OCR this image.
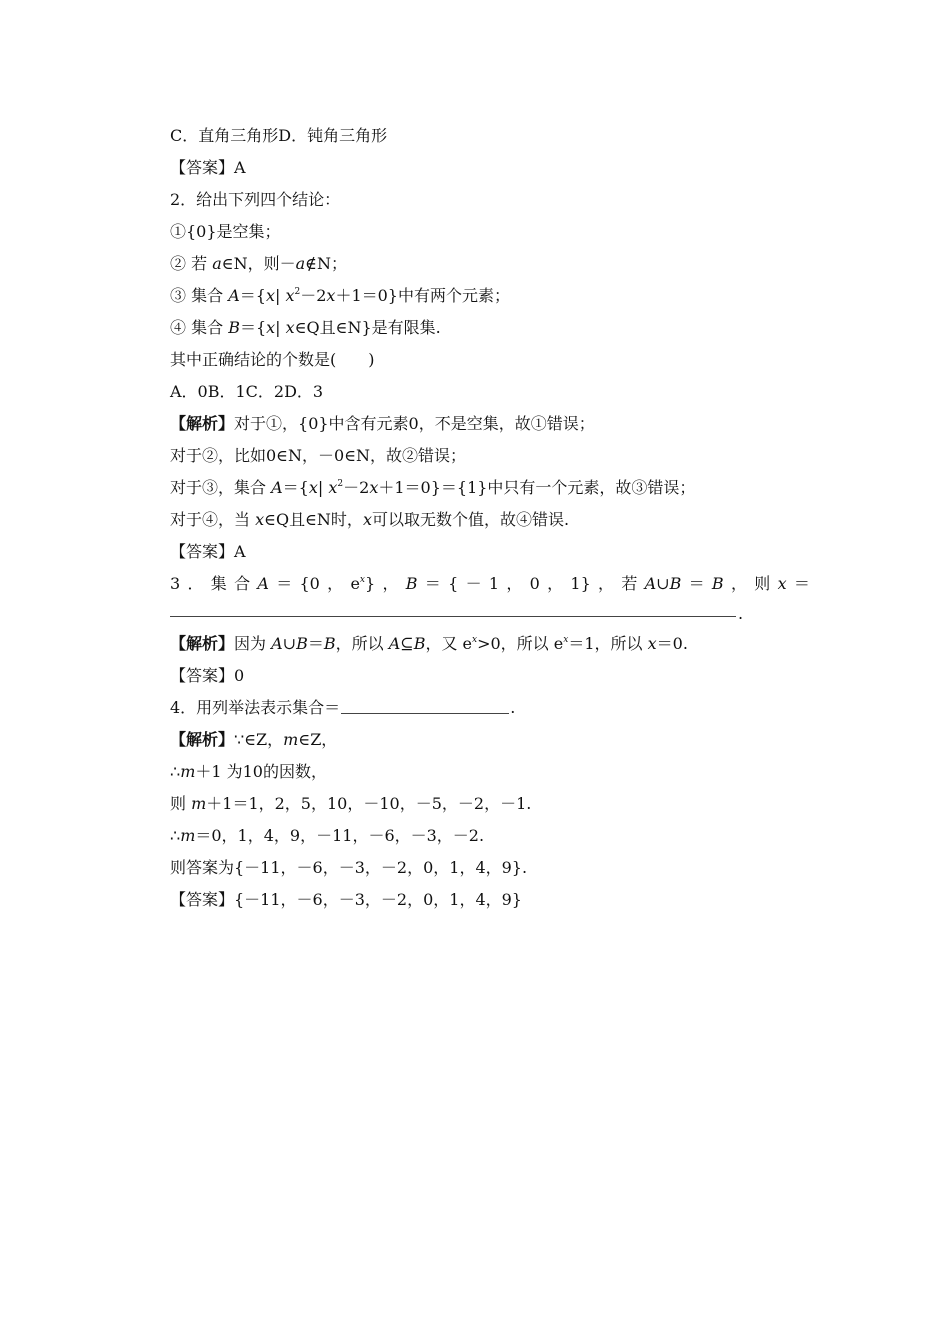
C．直角三角形D．钝角三角形
【答案】A
2．给出下列四个结论：
①{0}是空集；
② 若 a∈N，则－a∉N；
③ 集合 A＝{x| $x^2-2x+1=0$}中有两个元素；
④ 集合 B＝{x| x∈Q且∈N}是有限集.
其中正确结论的个数是(　　)
A．0B．1C．2D．3
【解析】对于①，{0}中含有元素0，不是空集，故①错误；
对于②，比如0∈N，－0∈N，故②错误；
对于③，集合 A＝{x| $x^2-2x+1=0\}=\{1\}$中只有一个元素，故③错误；
对于④，当 x∈Q且∈N时，x可以取无数个值，故④错误.
【答案】A
3 ． 集 合 A ＝ {0 ， $e^x$} ， B ＝ { － 1 ， 0 ， 1} ， 若 A∪B ＝ B ， 则 x ＝
.
【解析】因为 A∪B＝B，所以 A⊆B，又 $e^x>0$，所以 $e^x=1$，所以 x＝0.
【答案】0
4．用列举法表示集合＝	.
【解析】∵∈Z，m∈Z，
∴m＋1 为10的因数，
则 m＋1＝1，2，5，10，－10，－5，－2，－1.
∴m＝0，1，4，9，－11，－6，－3，－2.
则答案为{－11，－6，－3，－2，0，1，4，9}.
【答案】{－11，－6，－3，－2，0，1，4，9}
